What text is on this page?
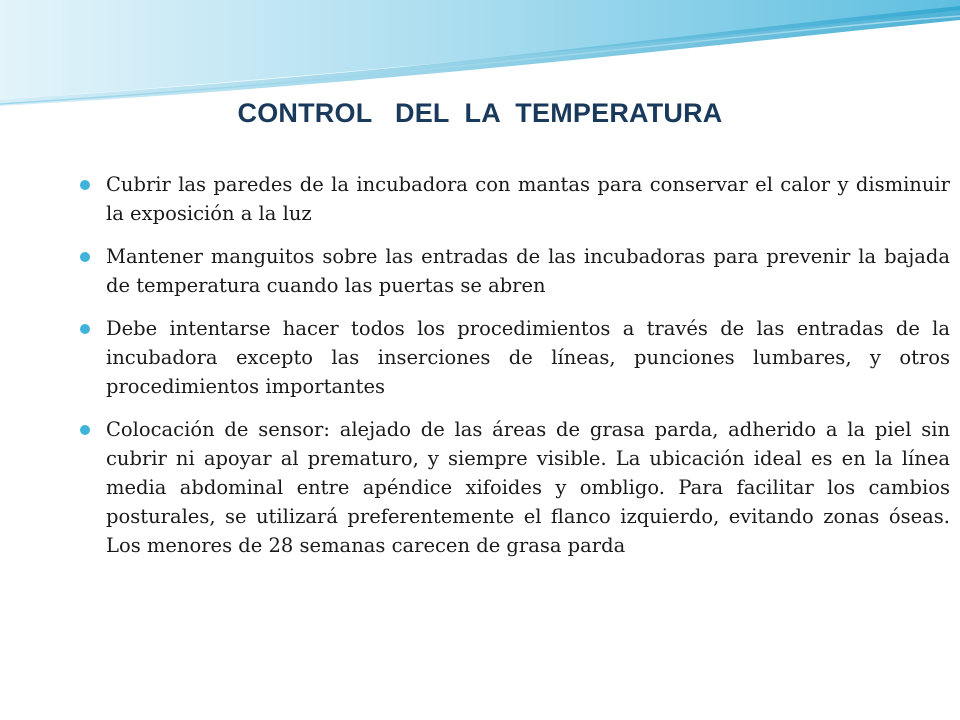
CONTROL   DEL  LA  TEMPERATURA
Cubrir las paredes de la incubadora con mantas para conservar el calor y disminuir la exposición a la luz
Mantener manguitos sobre las entradas de las incubadoras para prevenir la bajada de temperatura cuando las puertas se abren
Debe intentarse hacer todos los procedimientos a través de las entradas de la incubadora excepto las inserciones de líneas, punciones lumbares, y otros procedimientos importantes
Colocación de sensor: alejado de las áreas de grasa parda, adherido a la piel sin cubrir ni apoyar al prematuro, y siempre visible. La ubicación ideal es en la línea media abdominal entre apéndice xifoides y ombligo. Para facilitar los cambios posturales, se utilizará preferentemente el flanco izquierdo, evitando zonas óseas. Los menores de 28 semanas carecen de grasa parda
